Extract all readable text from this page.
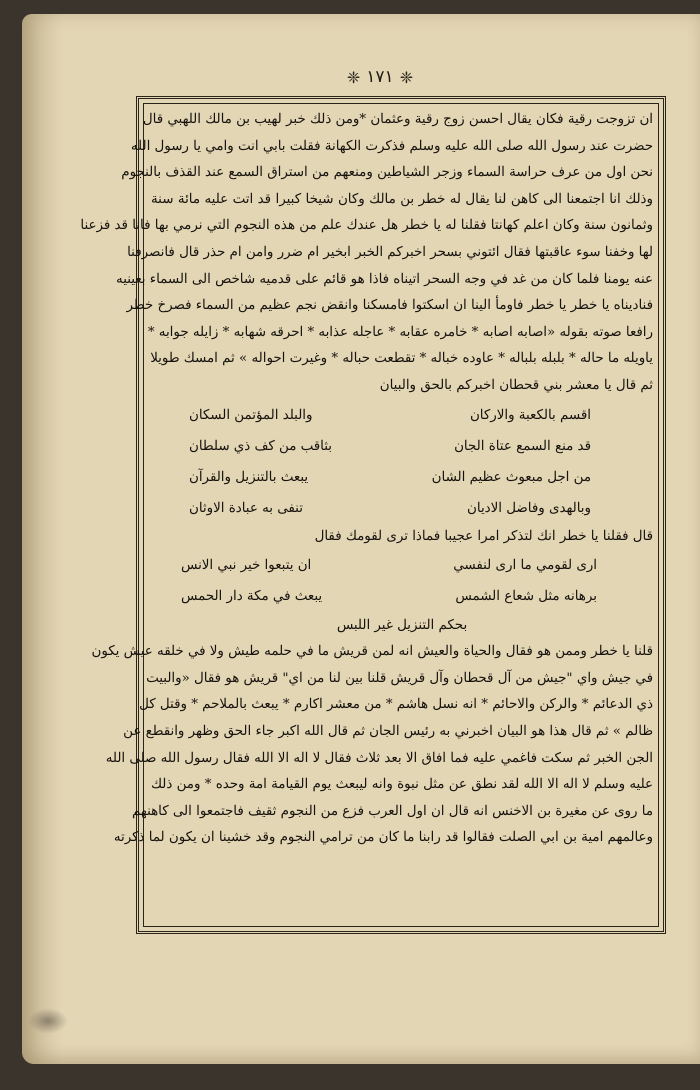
❈ ١٧١ ❈
ان تزوجت رقية فكان يقال احسن زوج رقية وعثمان *ومن ذلك خبر لهيب بن مالك اللهبي قال
حضرت عند رسول الله صلى الله عليه وسلم فذكرت الكهانة فقلت بابي انت وامي يا رسول الله
نحن اول من عرف حراسة السماء وزجر الشياطين ومنعهم من استراق السمع عند القذف بالنجوم
وذلك انا اجتمعنا الى كاهن لنا يقال له خطر بن مالك وكان شيخا كبيرا قد اتت عليه مائة سنة
وثمانون سنة وكان اعلم كهانتا فقلنا له يا خطر هل عندك علم من هذه النجوم التي نرمي بها فانا قد فزعنا
لها وخفنا سوء عاقبتها فقال ائتوني بسحر اخبركم الخبر ابخير ام ضرر وامن ام حذر قال فانصرفنا
عنه يومنا فلما كان من غد في وجه السحر اتيناه فاذا هو قائم على قدميه شاخص الى السماء بعينيه
فناديناه يا خطر يا خطر فاومأ الينا ان اسكتوا فامسكنا وانقض نجم عظيم من السماء فصرخ خطر
رافعا صوته بقوله «اصابه اصابه * خامره عقابه * عاجله عذابه * احرقه شهابه * زايله جوابه *
ياويله ما حاله * بلبله بلباله * عاوده خباله * تقطعت حباله * وغيرت احواله » ثم امسك طويلا
ثم قال يا معشر بني قحطان اخبركم بالحق والبيان
اقسم بالكعبة والاركان
والبلد المؤتمن السكان
قد منع السمع عتاة الجان
بثاقب من كف ذي سلطان
من اجل مبعوث عظيم الشان
يبعث بالتنزيل والقرآن
وبالهدى وفاضل الاديان
تنفى به عبادة الاوثان
قال فقلنا يا خطر انك لتذكر امرا عجيبا فماذا ترى لقومك فقال
ارى لقومي ما ارى لنفسي
ان يتبعوا خير نبي الانس
برهانه مثل شعاع الشمس
يبعث في مكة دار الحمس
بحكم التنزيل غير اللبس
قلنا يا خطر وممن هو فقال والحياة والعيش انه لمن قريش ما في حلمه طيش ولا في خلقه عيش يكون
في جيش واي "جيش من آل قحطان وآل قريش قلنا بين لنا من اي" قريش هو فقال «والبيت
ذي الدعائم * والركن والاحائم * انه نسل هاشم * من معشر اكارم * يبعث بالملاحم * وقتل كل
ظالم » ثم قال هذا هو البيان اخبرني به رئيس الجان ثم قال الله اكبر جاء الحق وظهر وانقطع عن
الجن الخبر ثم سكت فاغمي عليه فما افاق الا بعد ثلاث فقال لا اله الا الله فقال رسول الله صلى الله
عليه وسلم لا اله الا الله لقد نطق عن مثل نبوة وانه ليبعث يوم القيامة امة وحده * ومن ذلك
ما روى عن مغيرة بن الاخنس انه قال ان اول العرب فزع من النجوم ثقيف فاجتمعوا الى كاهنهم
وعالمهم امية بن ابي الصلت فقالوا قد رابنا ما كان من ترامي النجوم وقد خشينا ان يكون لما ذكرته
